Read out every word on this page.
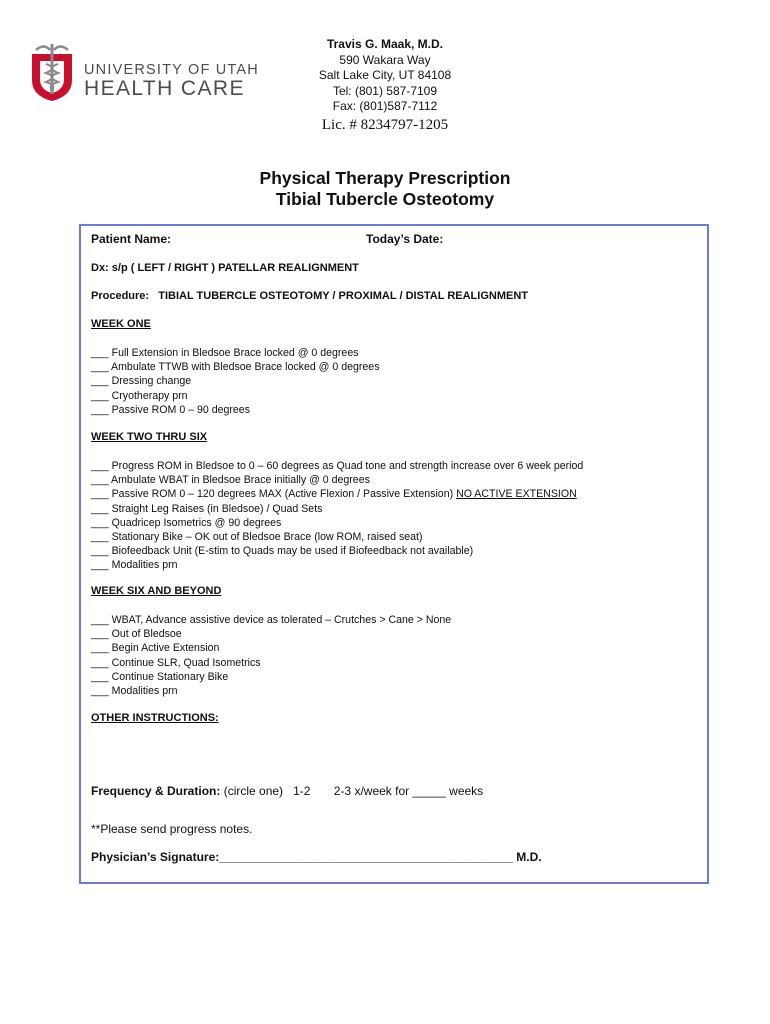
UNIVERSITY OF UTAH
HEALTH CARE
Travis G. Maak, M.D.
590 Wakara Way
Salt Lake City, UT 84108
Tel: (801) 587-7109
Fax: (801)587-7112
Lic. # 8234797-1205
Physical Therapy Prescription
Tibial Tubercle Osteotomy
Patient Name:	Today’s Date:
Dx: s/p ( LEFT / RIGHT ) PATELLAR REALIGNMENT
Procedure: TIBIAL TUBERCLE OSTEOTOMY / PROXIMAL / DISTAL REALIGNMENT
WEEK ONE
___ Full Extension in Bledsoe Brace locked @ 0 degrees
___ Ambulate TTWB with Bledsoe Brace locked @ 0 degrees
___ Dressing change
___ Cryotherapy prn
___ Passive ROM 0 – 90 degrees
WEEK TWO THRU SIX
___ Progress ROM in Bledsoe to 0 – 60 degrees as Quad tone and strength increase over 6 week period
___ Ambulate WBAT in Bledsoe Brace initially @ 0 degrees
___ Passive ROM 0 – 120 degrees MAX (Active Flexion / Passive Extension) NO ACTIVE EXTENSION
___ Straight Leg Raises (in Bledsoe) / Quad Sets
___ Quadricep Isometrics @ 90 degrees
___ Stationary Bike – OK out of Bledsoe Brace (low ROM, raised seat)
___ Biofeedback Unit (E-stim to Quads may be used if Biofeedback not available)
___ Modalities prn
WEEK SIX AND BEYOND
___ WBAT, Advance assistive device as tolerated – Crutches > Cane > None
___ Out of Bledsoe
___ Begin Active Extension
___ Continue SLR, Quad Isometrics
___ Continue Stationary Bike
___ Modalities prn
OTHER INSTRUCTIONS:
Frequency & Duration: (circle one) 1-2 2-3 x/week for _____ weeks
**Please send progress notes.
Physician’s Signature:____________________________________________ M.D.
